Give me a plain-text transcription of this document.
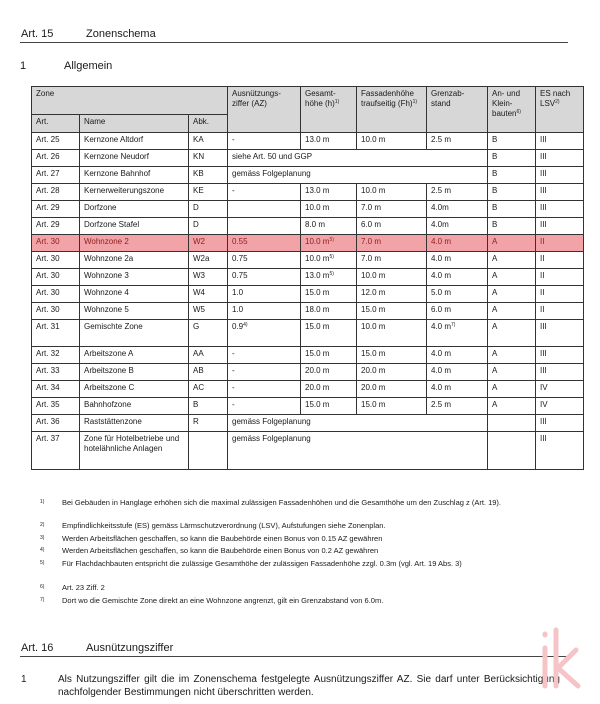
Art. 15	Zonenschema
1	Allgemein
Zone			Ausnützungs-ziffer (AZ)	Gesamt-höhe $(h)^{1)}$	Fassadenhöhe traufseitig $(Fh)^{1)}$	Grenzab-stand	An- und Klein-bauten$^{6)}$	ES nach LSV$^{2)}$
Art.	Name	Abk.						
Art. 25	Kernzone Altdorf	KA	-	13.0 m	10.0 m	2.5 m	B	III
Art. 26	Kernzone Neudorf	KN	siehe Art. 50 und GGP				B	III
Art. 27	Kernzone Bahnhof	KB	gemäss Folgeplanung				B	III
Art. 28	Kernerweiterungszone	KE	-	13.0 m	10.0 m	2.5 m	B	III
Art. 29	Dorfzone	D		10.0 m	7.0 m	4.0m	B	III
Art. 29	Dorfzone Stafel	D		8.0 m	6.0 m	4.0m	B	III
Art. 30	Wohnzone 2	W2	0.55	10.0 $m^{5)}$	7.0 m	4.0 m	A	II
Art. 30	Wohnzone 2a	W2a	0.75	10.0 $m^{5)}$	7.0 m	4.0 m	A	II
Art. 30	Wohnzone 3	W3	0.75	13.0 $m^{5)}$	10.0 m	4.0 m	A	II
Art. 30	Wohnzone 4	W4	1.0	15.0 m	12.0 m	5.0 m	A	II
Art. 30	Wohnzone 5	W5	1.0	18.0 m	15.0 m	6.0 m	A	II
Art. 31	Gemischte Zone	G	0.9$^{4)}$	15.0 m	10.0 m	4.0 $m^{7)}$	A	III
Art. 32	Arbeitszone A	AA	-	15.0 m	15.0 m	4.0 m	A	III
Art. 33	Arbeitszone B	AB	-	20.0 m	20.0 m	4.0 m	A	III
Art. 34	Arbeitszone C	AC	-	20.0 m	20.0 m	4.0 m	A	IV
Art. 35	Bahnhofzone	B	-	15.0 m	15.0 m	2.5 m	A	IV
Art. 36	Raststättenzone	R	gemäss Folgeplanung					III
Art. 37	Zone für Hotelbetriebe und hotelähnliche Anlagen		gemäss Folgeplanung					III
1) Bei Gebäuden in Hanglage erhöhen sich die maximal zulässigen Fassadenhöhen und die Gesamthöhe um den Zuschlag z (Art. 19).
2) Empfindlichkeitsstufe (ES) gemäss Lärmschutzverordnung (LSV), Aufstufungen siehe Zonenplan.
3) Werden Arbeitsflächen geschaffen, so kann die Baubehörde einen Bonus von 0.15 AZ gewähren
4) Werden Arbeitsflächen geschaffen, so kann die Baubehörde einen Bonus von 0.2 AZ gewähren
5) Für Flachdachbauten entspricht die zulässige Gesamthöhe der zulässigen Fassadenhöhe zzgl. 0.3m (vgl. Art. 19 Abs. 3)
6) Art. 23 Ziff. 2
7) Dort wo die Gemischte Zone direkt an eine Wohnzone angrenzt, gilt ein Grenzabstand von 6.0m.
Art. 16	Ausnützungsziffer
1	Als Nutzungsziffer gilt die im Zonenschema festgelegte Ausnützungsziffer AZ. Sie darf unter Berücksichtigung nachfolgender Bestimmungen nicht überschritten werden.
